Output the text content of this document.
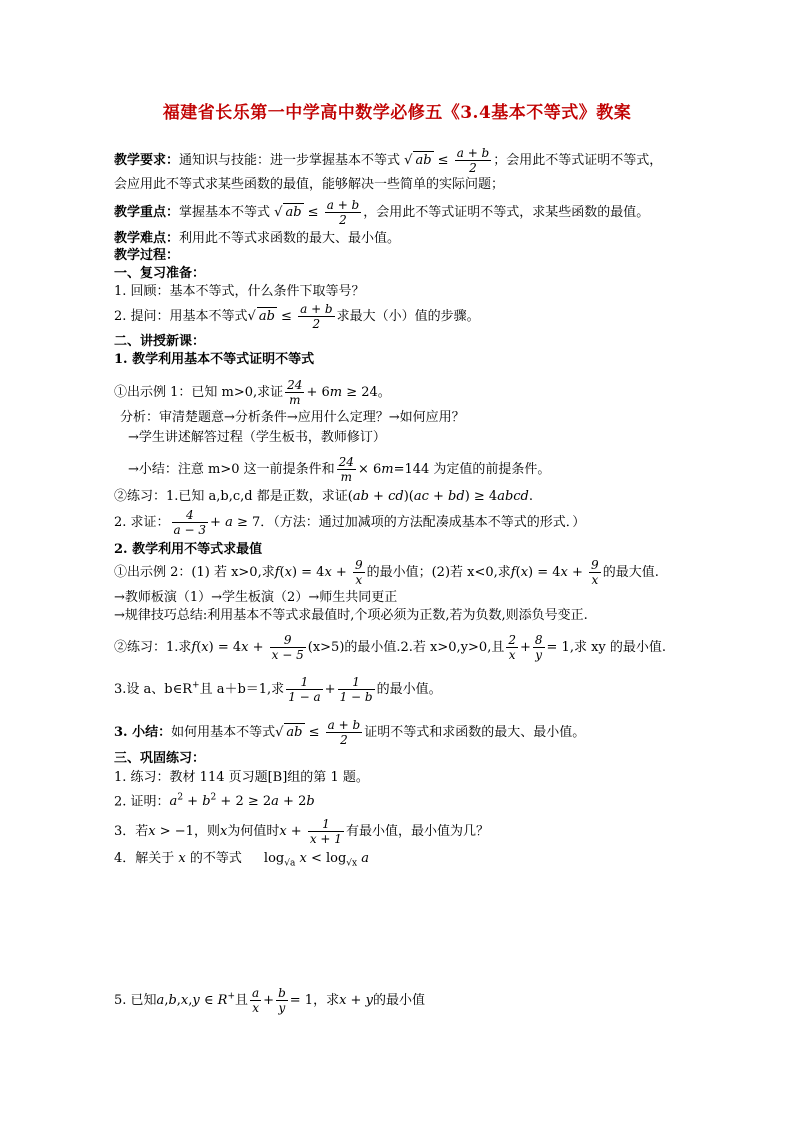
福建省长乐第一中学高中数学必修五《3.4基本不等式》教案
教学要求：通知识与技能：进一步掌握基本不等式 √ ab ≤ $\frac{a + b}{2}$ ；会用此不等式证明不等式，
会应用此不等式求某些函数的最值，能够解决一些简单的实际问题；
教学重点：掌握基本不等式 √ ab ≤ $\frac{a + b}{2}$ ，会用此不等式证明不等式，求某些函数的最值。
教学难点：利用此不等式求函数的最大、最小值。
教学过程：
一、复习准备：
1. 回顾：基本不等式，什么条件下取等号？
2. 提问：用基本不等式√ ab ≤ $\frac{a + b}{2}$ 求最大（小）值的步骤。
二、讲授新课：
1. 教学利用基本不等式证明不等式
①出示例 1：已知 m>0,求证 $\frac{24}{m} + 6m \ge 24$。
分析：审清楚题意→分析条件→应用什么定理？→如何应用？
→学生讲述解答过程（学生板书，教师修订）
→小结：注意 m>0 这一前提条件和 $\frac{24}{m} \times 6m=144$ 为定值的前提条件。
②练习：1.已知 a,b,c,d 都是正数，求证(ab + cd)(ac + bd) ≥ 4abcd.
2. 求证： $\frac{4}{a - 3} + a \ge 7$．（方法：通过加减项的方法配凑成基本不等式的形式．）
2. 教学利用不等式求最值
①出示例 2：(1) 若 x>0,求$f(x) = 4x + \frac{9}{x}$ 的最小值；(2)若 x<0,求$f(x) = 4x + \frac{9}{x}$ 的最大值.
→教师板演（1）→学生板演（2）→师生共同更正
→规律技巧总结:利用基本不等式求最值时,个项必须为正数,若为负数,则添负号变正.
②练习：1.求$f(x) = 4x + \frac{9}{x - 5} (x>5)$的最小值.2.若 x>0,y>0,且 $\frac{2}{x} + \frac{8}{y} = 1$,求 xy 的最小值.
3.设 a、b∈R+且 a＋b＝1,求 $\frac{1}{1 - a} + \frac{1}{1 - b}$ 的最小值。
3. 小结：如何用基本不等式√ ab ≤ $\frac{a + b}{2}$ 证明不等式和求函数的最大、最小值。
三、巩固练习：
1. 练习：教材 114 页习题[B]组的第 1 题。
2. 证明：$a^2 + b^2 + 2 \ge 2a + 2b$
3．若x > −1，则x为何值时$x + \frac{1}{x + 1}$ 有最小值，最小值为几？
4．解关于 x 的不等式 $\log_{√a} x < \log_{√x} a$
5. 已知a,b,x,y ∈ R+且 $\frac{a}{x} + \frac{b}{y} = 1$，求x + y的最小值
